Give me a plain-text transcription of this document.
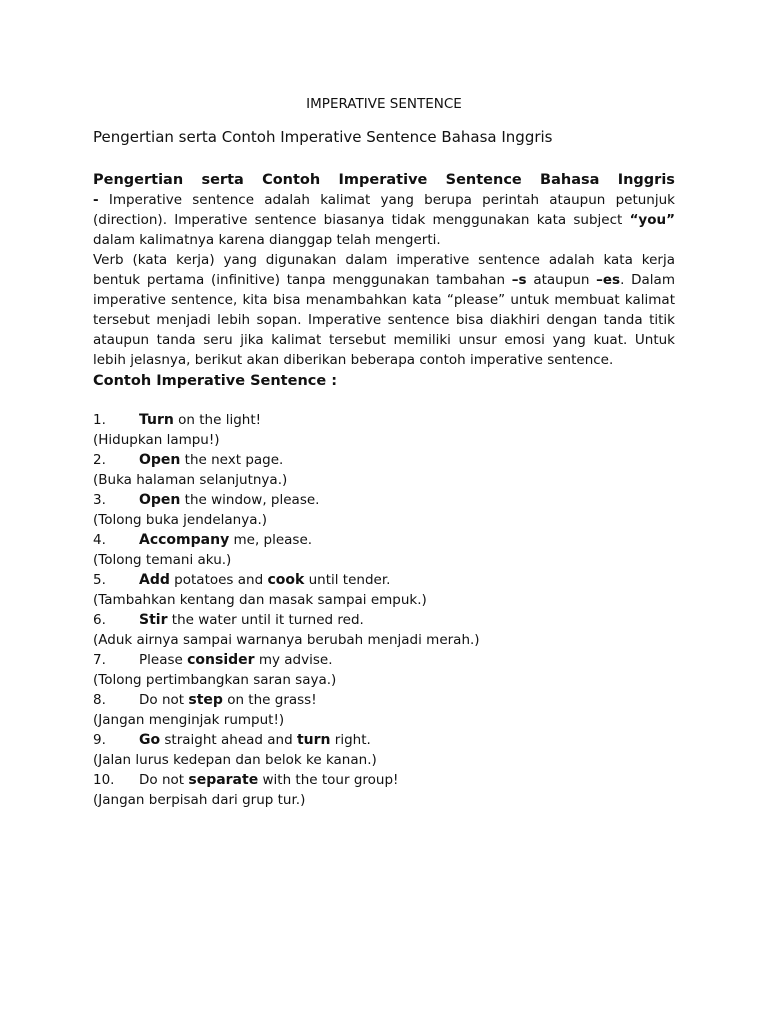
IMPERATIVE SENTENCE
Pengertian serta Contoh Imperative Sentence Bahasa Inggris
Pengertian serta Contoh Imperative Sentence Bahasa Inggris

- Imperative sentence adalah kalimat yang berupa perintah ataupun petunjuk (direction). Imperative sentence biasanya tidak menggunakan kata subject “you” dalam kalimatnya karena dianggap telah mengerti.

Verb (kata kerja) yang digunakan dalam imperative sentence adalah kata kerja bentuk pertama (infinitive) tanpa menggunakan tambahan –s ataupun –es. Dalam imperative sentence, kita bisa menambahkan kata “please” untuk membuat kalimat tersebut menjadi lebih sopan. Imperative sentence bisa diakhiri dengan tanda titik ataupun tanda seru jika kalimat tersebut memiliki unsur emosi yang kuat. Untuk lebih jelasnya, berikut akan diberikan beberapa contoh imperative sentence.

Contoh Imperative Sentence :
1.	Turn on the light!
(Hidupkan lampu!)
2.	Open the next page.
(Buka halaman selanjutnya.)
3.	Open the window, please.
(Tolong buka jendelanya.)
4.	Accompany me, please.
(Tolong temani aku.)
5.	Add potatoes and cook until tender.
(Tambahkan kentang dan masak sampai empuk.)
6.	Stir the water until it turned red.
(Aduk airnya sampai warnanya berubah menjadi merah.)
7.	Please consider my advise.
(Tolong pertimbangkan saran saya.)
8.	Do not step on the grass!
(Jangan menginjak rumput!)
9.	Go straight ahead and turn right.
(Jalan lurus kedepan dan belok ke kanan.)
10.	Do not separate with the tour group!
(Jangan berpisah dari grup tur.)
